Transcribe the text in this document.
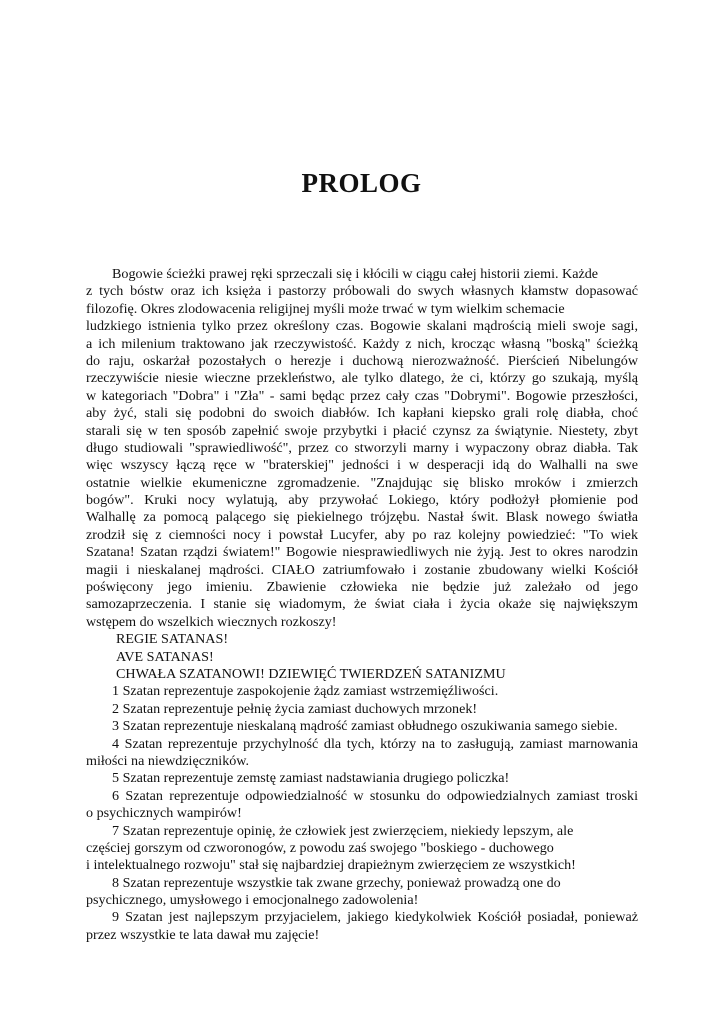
PROLOG
Bogowie ścieżki prawej ręki sprzeczali się i kłócili w ciągu całej historii ziemi. Każde
z tych bóstw oraz ich księża i pastorzy próbowali do swych własnych kłamstw dopasować
filozofię. Okres zlodowacenia religijnej myśli może trwać w tym wielkim schemacie
ludzkiego istnienia tylko przez określony czas. Bogowie skalani mądrością mieli swoje sagi,
a ich milenium traktowano jak rzeczywistość. Każdy z nich, krocząc własną "boską" ścieżką
do raju, oskarżał pozostałych o herezje i duchową nierozważność. Pierścień Nibelungów
rzeczywiście niesie wieczne przekleństwo, ale tylko dlatego, że ci, którzy go szukają, myślą
w kategoriach "Dobra" i "Zła" - sami będąc przez cały czas "Dobrymi". Bogowie przeszłości,
aby żyć, stali się podobni do swoich diabłów. Ich kapłani kiepsko grali rolę diabła, choć
starali się w ten sposób zapełnić swoje przybytki i płacić czynsz za świątynie. Niestety, zbyt
długo studiowali "sprawiedliwość", przez co stworzyli marny i wypaczony obraz diabła. Tak
więc wszyscy łączą ręce w "braterskiej" jedności i w desperacji idą do Walhalli na swe
ostatnie wielkie ekumeniczne zgromadzenie. "Znajdując się blisko mroków i zmierzch
bogów". Kruki nocy wylatują, aby przywołać Lokiego, który podłożył płomienie pod
Walhallę za pomocą palącego się piekielnego trójzębu. Nastał świt. Blask nowego światła
zrodził się z ciemności nocy i powstał Lucyfer, aby po raz kolejny powiedzieć: "To wiek
Szatana! Szatan rządzi światem!" Bogowie niesprawiedliwych nie żyją. Jest to okres narodzin
magii i nieskalanej mądrości. CIAŁO zatriumfowało i zostanie zbudowany wielki Kościół
poświęcony jego imieniu. Zbawienie człowieka nie będzie już zależało od jego
samozaprzeczenia. I stanie się wiadomym, że świat ciała i życia okaże się największym
wstępem do wszelkich wiecznych rozkoszy!
REGIE SATANAS!
AVE SATANAS!
CHWAŁA SZATANOWI! DZIEWIĘĆ TWIERDZEŃ SATANIZMU
1 Szatan reprezentuje zaspokojenie żądz zamiast wstrzemięźliwości.
2 Szatan reprezentuje pełnię życia zamiast duchowych mrzonek!
3 Szatan reprezentuje nieskalaną mądrość zamiast obłudnego oszukiwania samego siebie.
4 Szatan reprezentuje przychylność dla tych, którzy na to zasługują, zamiast marnowania
miłości na niewdzięczników.
5 Szatan reprezentuje zemstę zamiast nadstawiania drugiego policzka!
6 Szatan reprezentuje odpowiedzialność w stosunku do odpowiedzialnych zamiast troski
o psychicznych wampirów!
7 Szatan reprezentuje opinię, że człowiek jest zwierzęciem, niekiedy lepszym, ale
częściej gorszym od czworonogów, z powodu zaś swojego "boskiego - duchowego
i intelektualnego rozwoju" stał się najbardziej drapieżnym zwierzęciem ze wszystkich!
8 Szatan reprezentuje wszystkie tak zwane grzechy, ponieważ prowadzą one do
psychicznego, umysłowego i emocjonalnego zadowolenia!
9 Szatan jest najlepszym przyjacielem, jakiego kiedykolwiek Kościół posiadał, ponieważ
przez wszystkie te lata dawał mu zajęcie!
